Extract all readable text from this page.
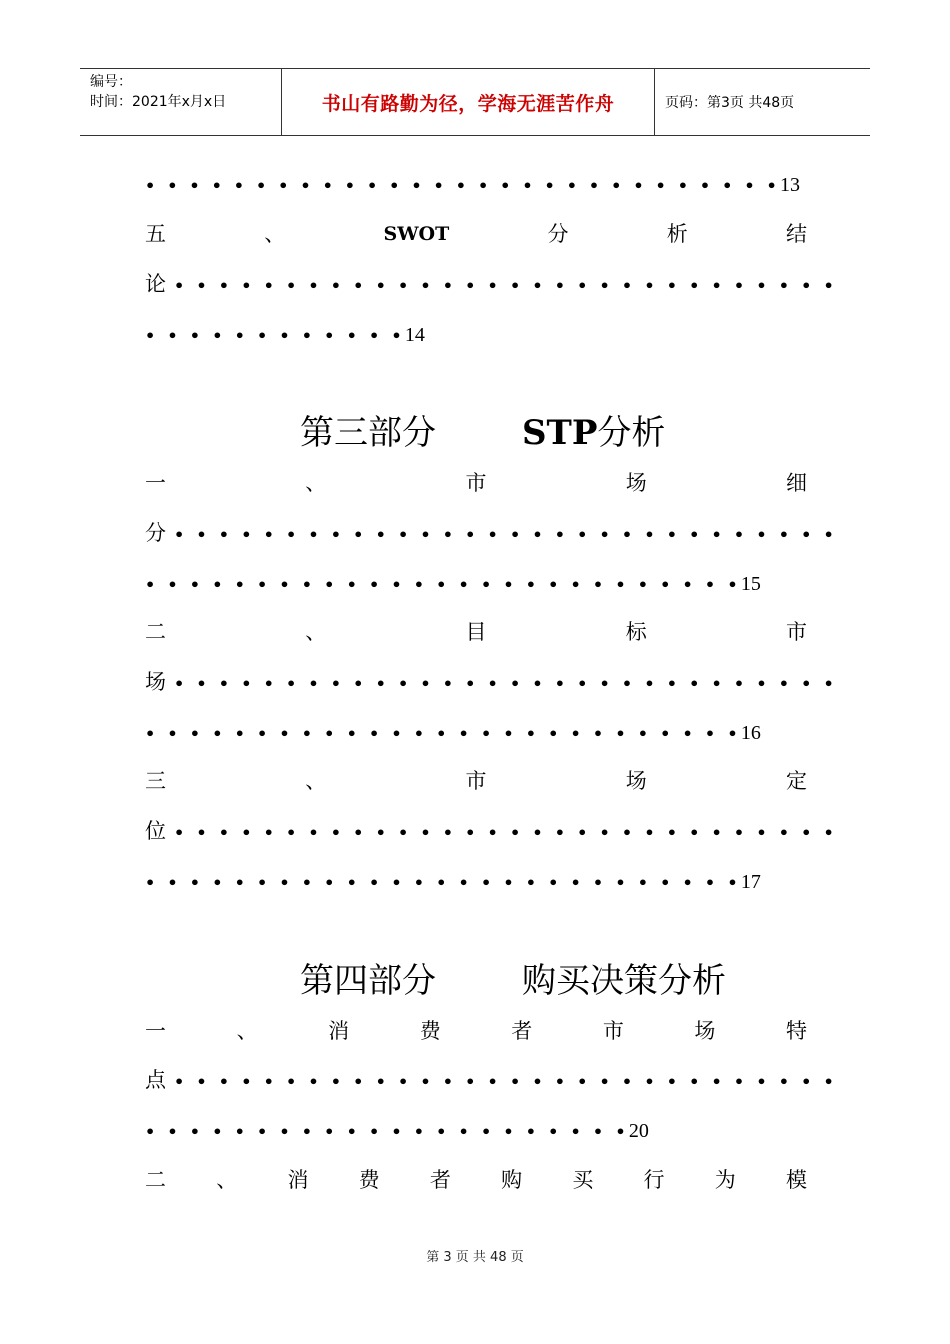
编号：
时间：2021年x月x日	书山有路勤为径，学海无涯苦作舟	页码：第3页 共48页
• • • • • • • • • • • • • • • • • • • • • • • • • • • • •13
五	、	SWOT	分	析	结
论 • • • • • • • • • • • • • • • • • • • • • • • • • • • • • •
• • • • • • • • • • • •14
第三部分	STP分析
一	、	市	场	细
分 • • • • • • • • • • • • • • • • • • • • • • • • • • • • • •
• • • • • • • • • • • • • • • • • • • • • • • • • • •15
二	、	目	标	市
场 • • • • • • • • • • • • • • • • • • • • • • • • • • • • • •
• • • • • • • • • • • • • • • • • • • • • • • • • • •16
三	、	市	场	定
位 • • • • • • • • • • • • • • • • • • • • • • • • • • • • • •
• • • • • • • • • • • • • • • • • • • • • • • • • • •17
第四部分	购买决策分析
一	、	消	费	者	市	场	特
点 • • • • • • • • • • • • • • • • • • • • • • • • • • • • • •
• • • • • • • • • • • • • • • • • • • • • •20
二 、 消 费 者 购 买 行 为 模
第 3 页 共 48 页
